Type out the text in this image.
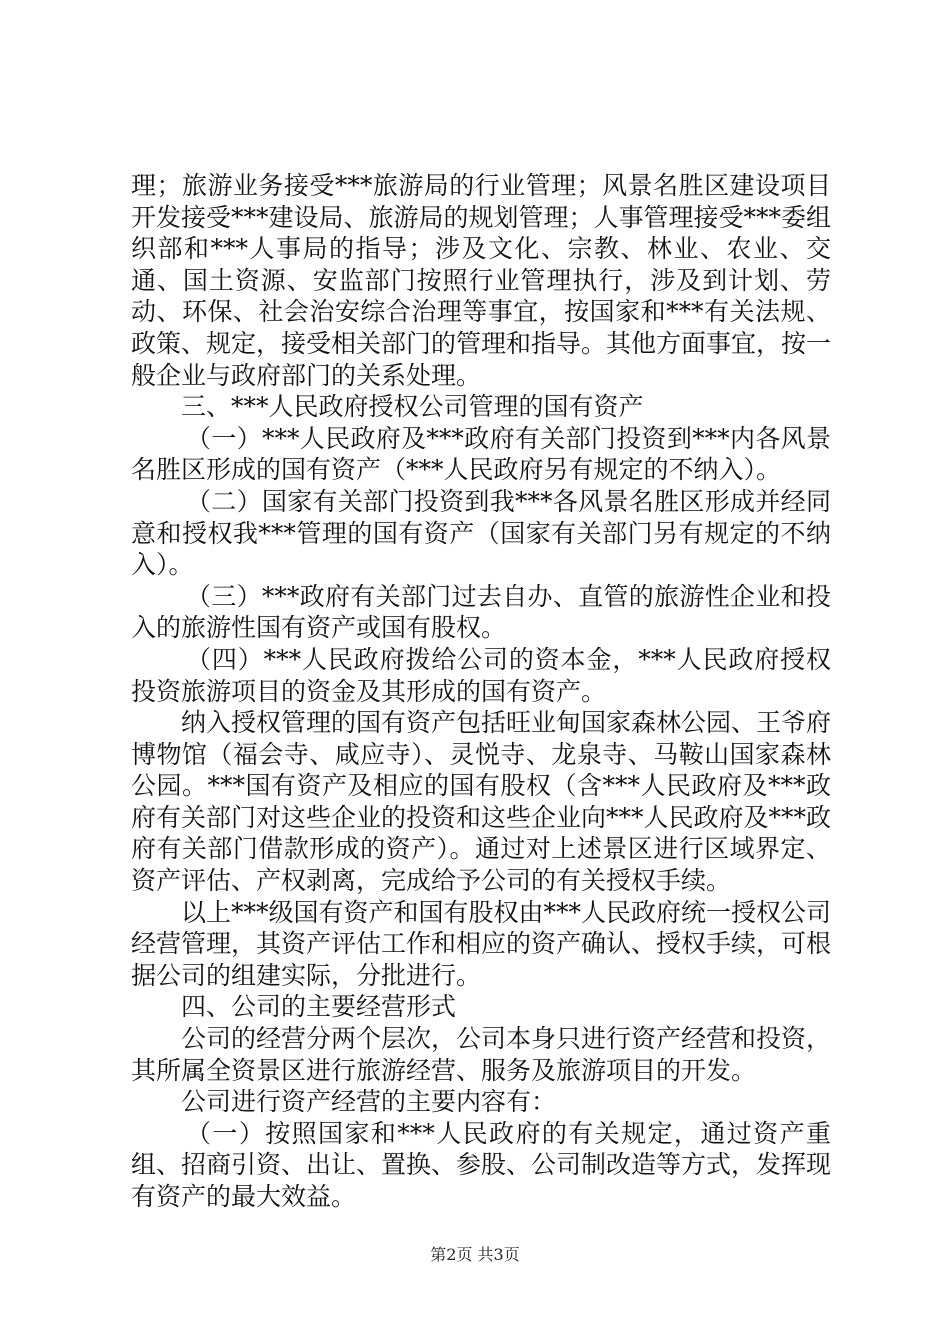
理；旅游业务接受***旅游局的行业管理；风景名胜区建设项目开发接受***建设局、旅游局的规划管理；人事管理接受***委组织部和***人事局的指导；涉及文化、宗教、林业、农业、交通、国土资源、安监部门按照行业管理执行，涉及到计划、劳动、环保、社会治安综合治理等事宜，按国家和***有关法规、政策、规定，接受相关部门的管理和指导。其他方面事宜，按一般企业与政府部门的关系处理。

三、***人民政府授权公司管理的国有资产

（一）***人民政府及***政府有关部门投资到***内各风景名胜区形成的国有资产（***人民政府另有规定的不纳入）。

（二）国家有关部门投资到我***各风景名胜区形成并经同意和授权我***管理的国有资产（国家有关部门另有规定的不纳入）。

（三）***政府有关部门过去自办、直管的旅游性企业和投入的旅游性国有资产或国有股权。

（四）***人民政府拨给公司的资本金，***人民政府授权投资旅游项目的资金及其形成的国有资产。

纳入授权管理的国有资产包括旺业甸国家森林公园、王爷府博物馆（福会寺、咸应寺）、灵悦寺、龙泉寺、马鞍山国家森林公园。***国有资产及相应的国有股权（含***人民政府及***政府有关部门对这些企业的投资和这些企业向***人民政府及***政府有关部门借款形成的资产）。通过对上述景区进行区域界定、资产评估、产权剥离，完成给予公司的有关授权手续。

以上***级国有资产和国有股权由***人民政府统一授权公司经营管理，其资产评估工作和相应的资产确认、授权手续，可根据公司的组建实际，分批进行。

四、公司的主要经营形式

公司的经营分两个层次，公司本身只进行资产经营和投资，其所属全资景区进行旅游经营、服务及旅游项目的开发。

公司进行资产经营的主要内容有：

（一）按照国家和***人民政府的有关规定，通过资产重组、招商引资、出让、置换、参股、公司制改造等方式，发挥现有资产的最大效益。

第2页 共3页
